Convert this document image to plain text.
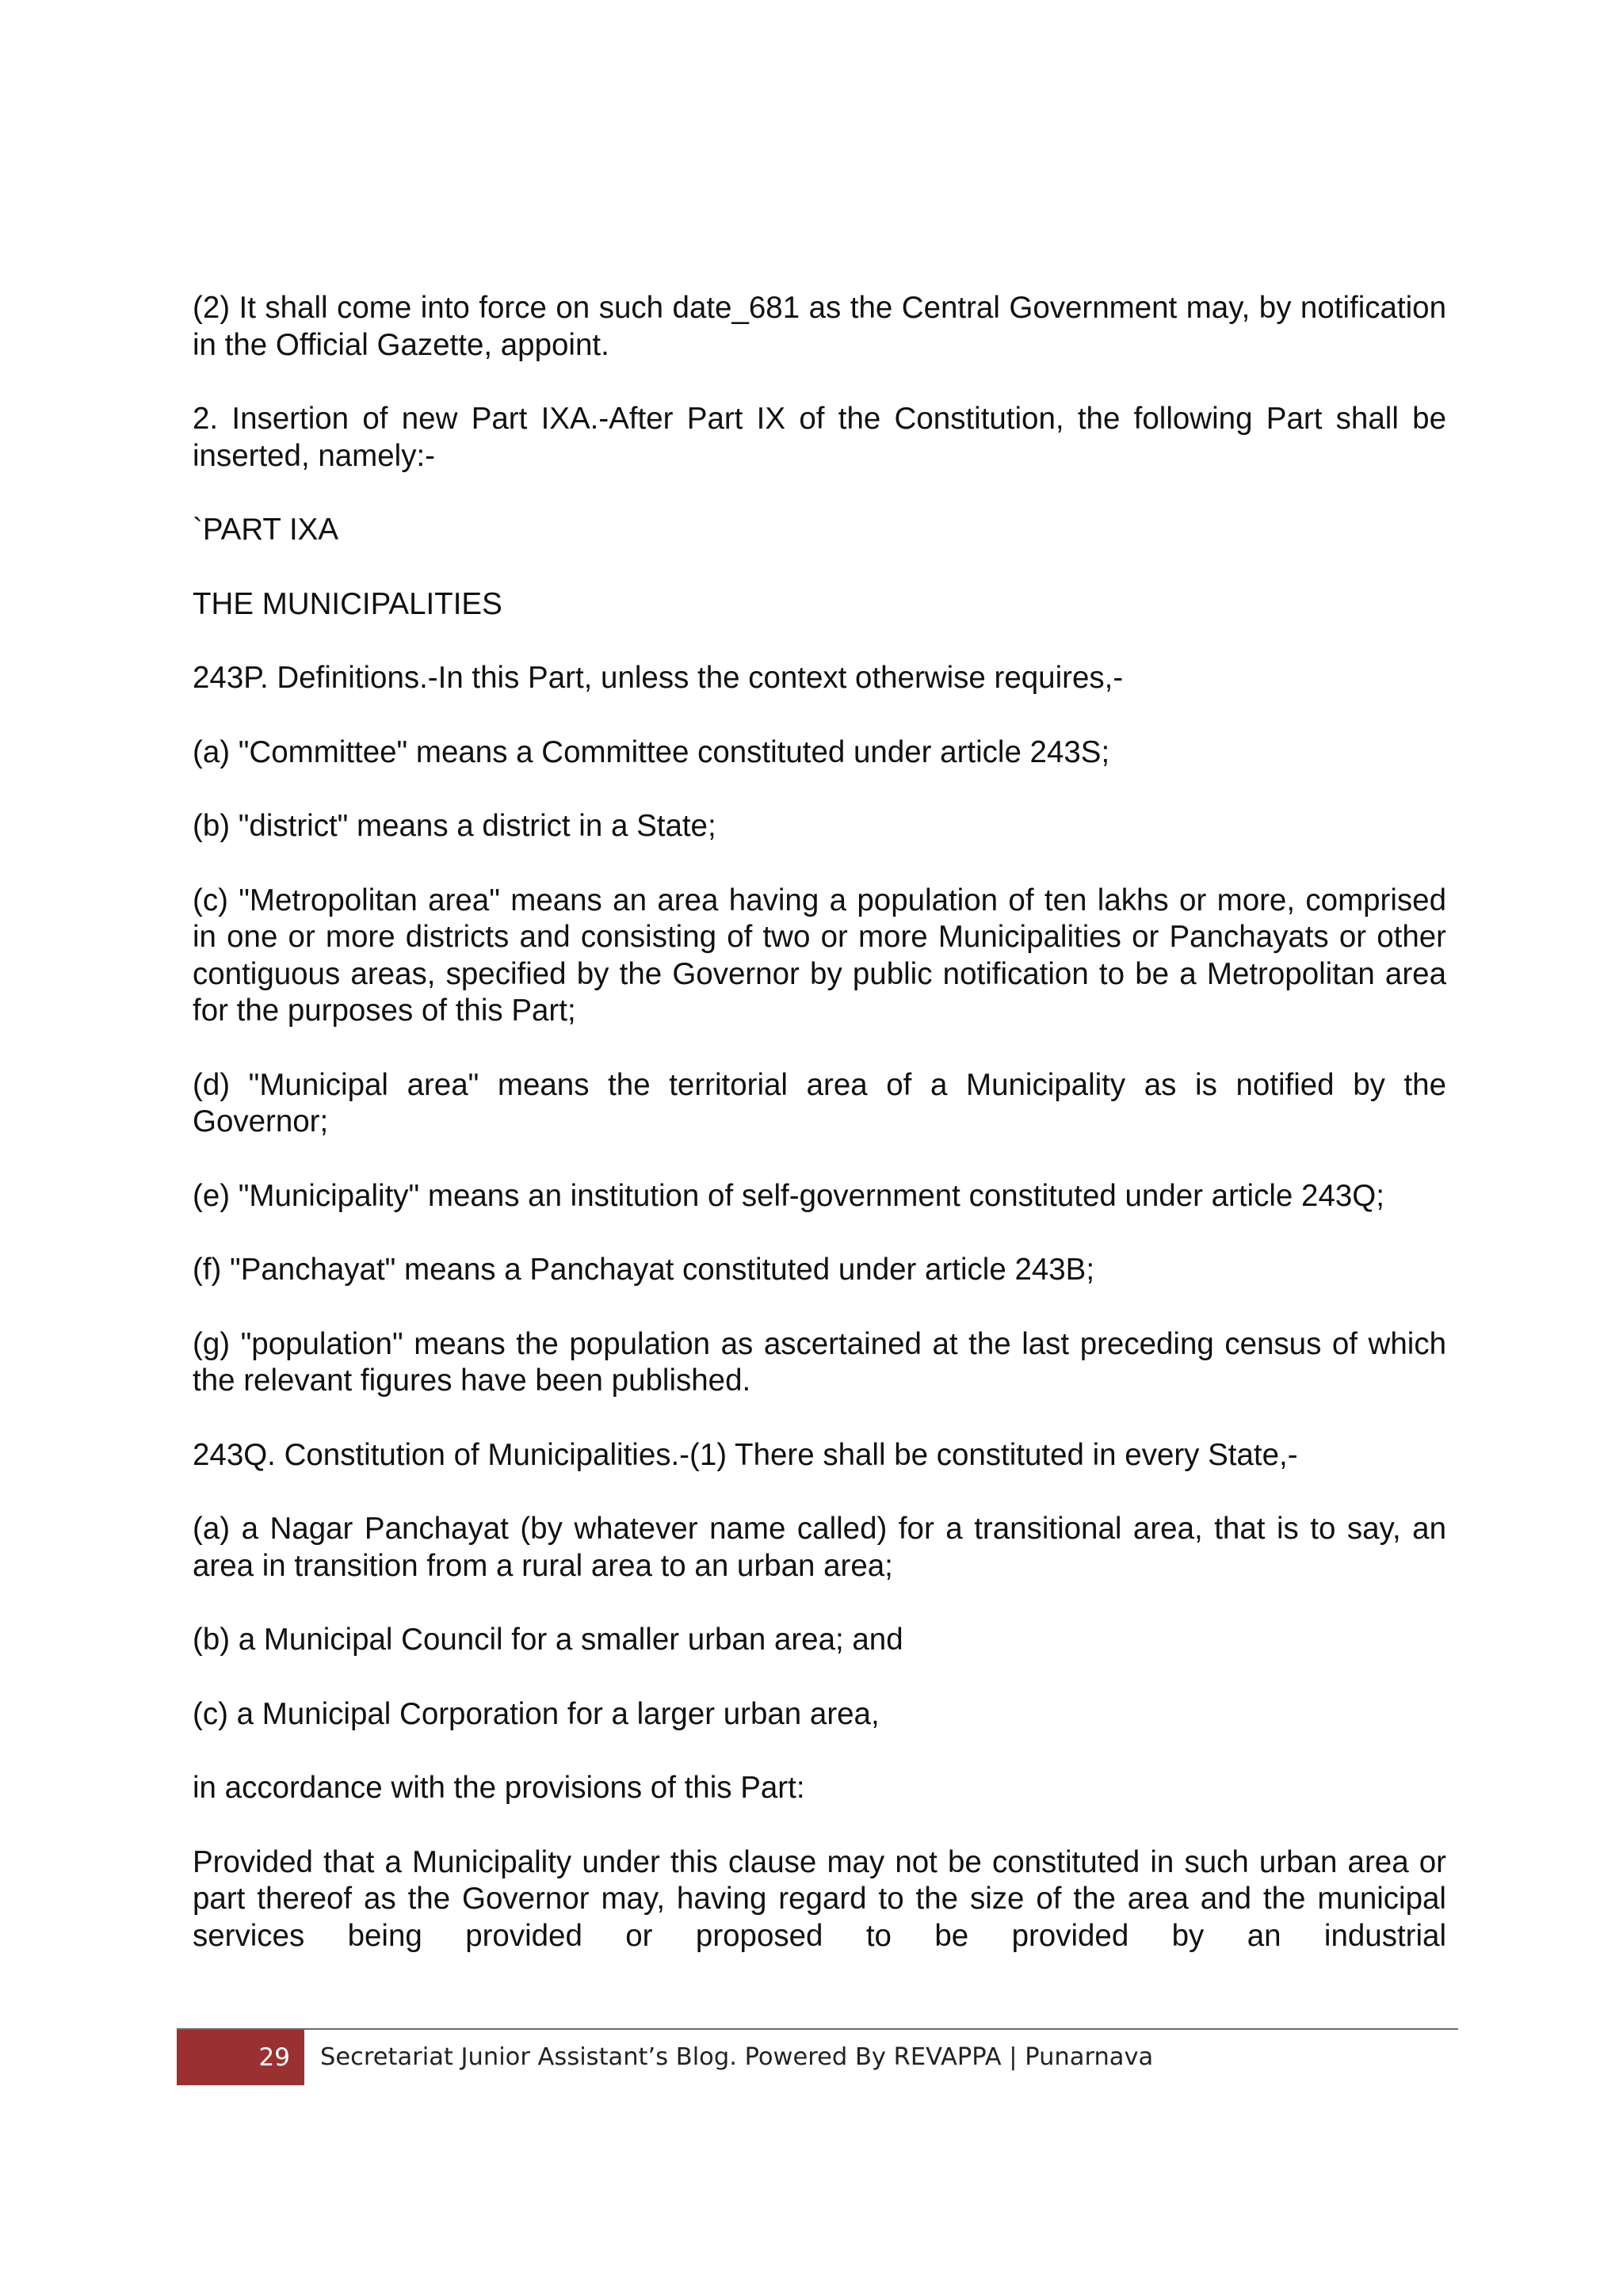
(2) It shall come into force on such date_681 as the Central Government may, by notification in the Official Gazette, appoint.

2. Insertion of new Part IXA.-After Part IX of the Constitution, the following Part shall be inserted, namely:-

`PART IXA

THE MUNICIPALITIES

243P. Definitions.-In this Part, unless the context otherwise requires,-

(a) "Committee" means a Committee constituted under article 243S;

(b) "district" means a district in a State;

(c) "Metropolitan area" means an area having a population of ten lakhs or more, comprised in one or more districts and consisting of two or more Municipalities or Panchayats or other contiguous areas, specified by the Governor by public notification to be a Metropolitan area for the purposes of this Part;

(d) "Municipal area" means the territorial area of a Municipality as is notified by the Governor;

(e) "Municipality" means an institution of self-government constituted under article 243Q;

(f) "Panchayat" means a Panchayat constituted under article 243B;

(g) "population" means the population as ascertained at the last preceding census of which the relevant figures have been published.

243Q. Constitution of Municipalities.-(1) There shall be constituted in every State,-

(a) a Nagar Panchayat (by whatever name called) for a transitional area, that is to say, an area in transition from a rural area to an urban area;

(b) a Municipal Council for a smaller urban area; and

(c) a Municipal Corporation for a larger urban area,

in accordance with the provisions of this Part:

Provided that a Municipality under this clause may not be constituted in such urban area or part thereof as the Governor may, having regard to the size of the area and the municipal services being provided or proposed to be provided by an industrial

29	Secretariat Junior Assistant’s Blog. Powered By REVAPPA | Punarnava
